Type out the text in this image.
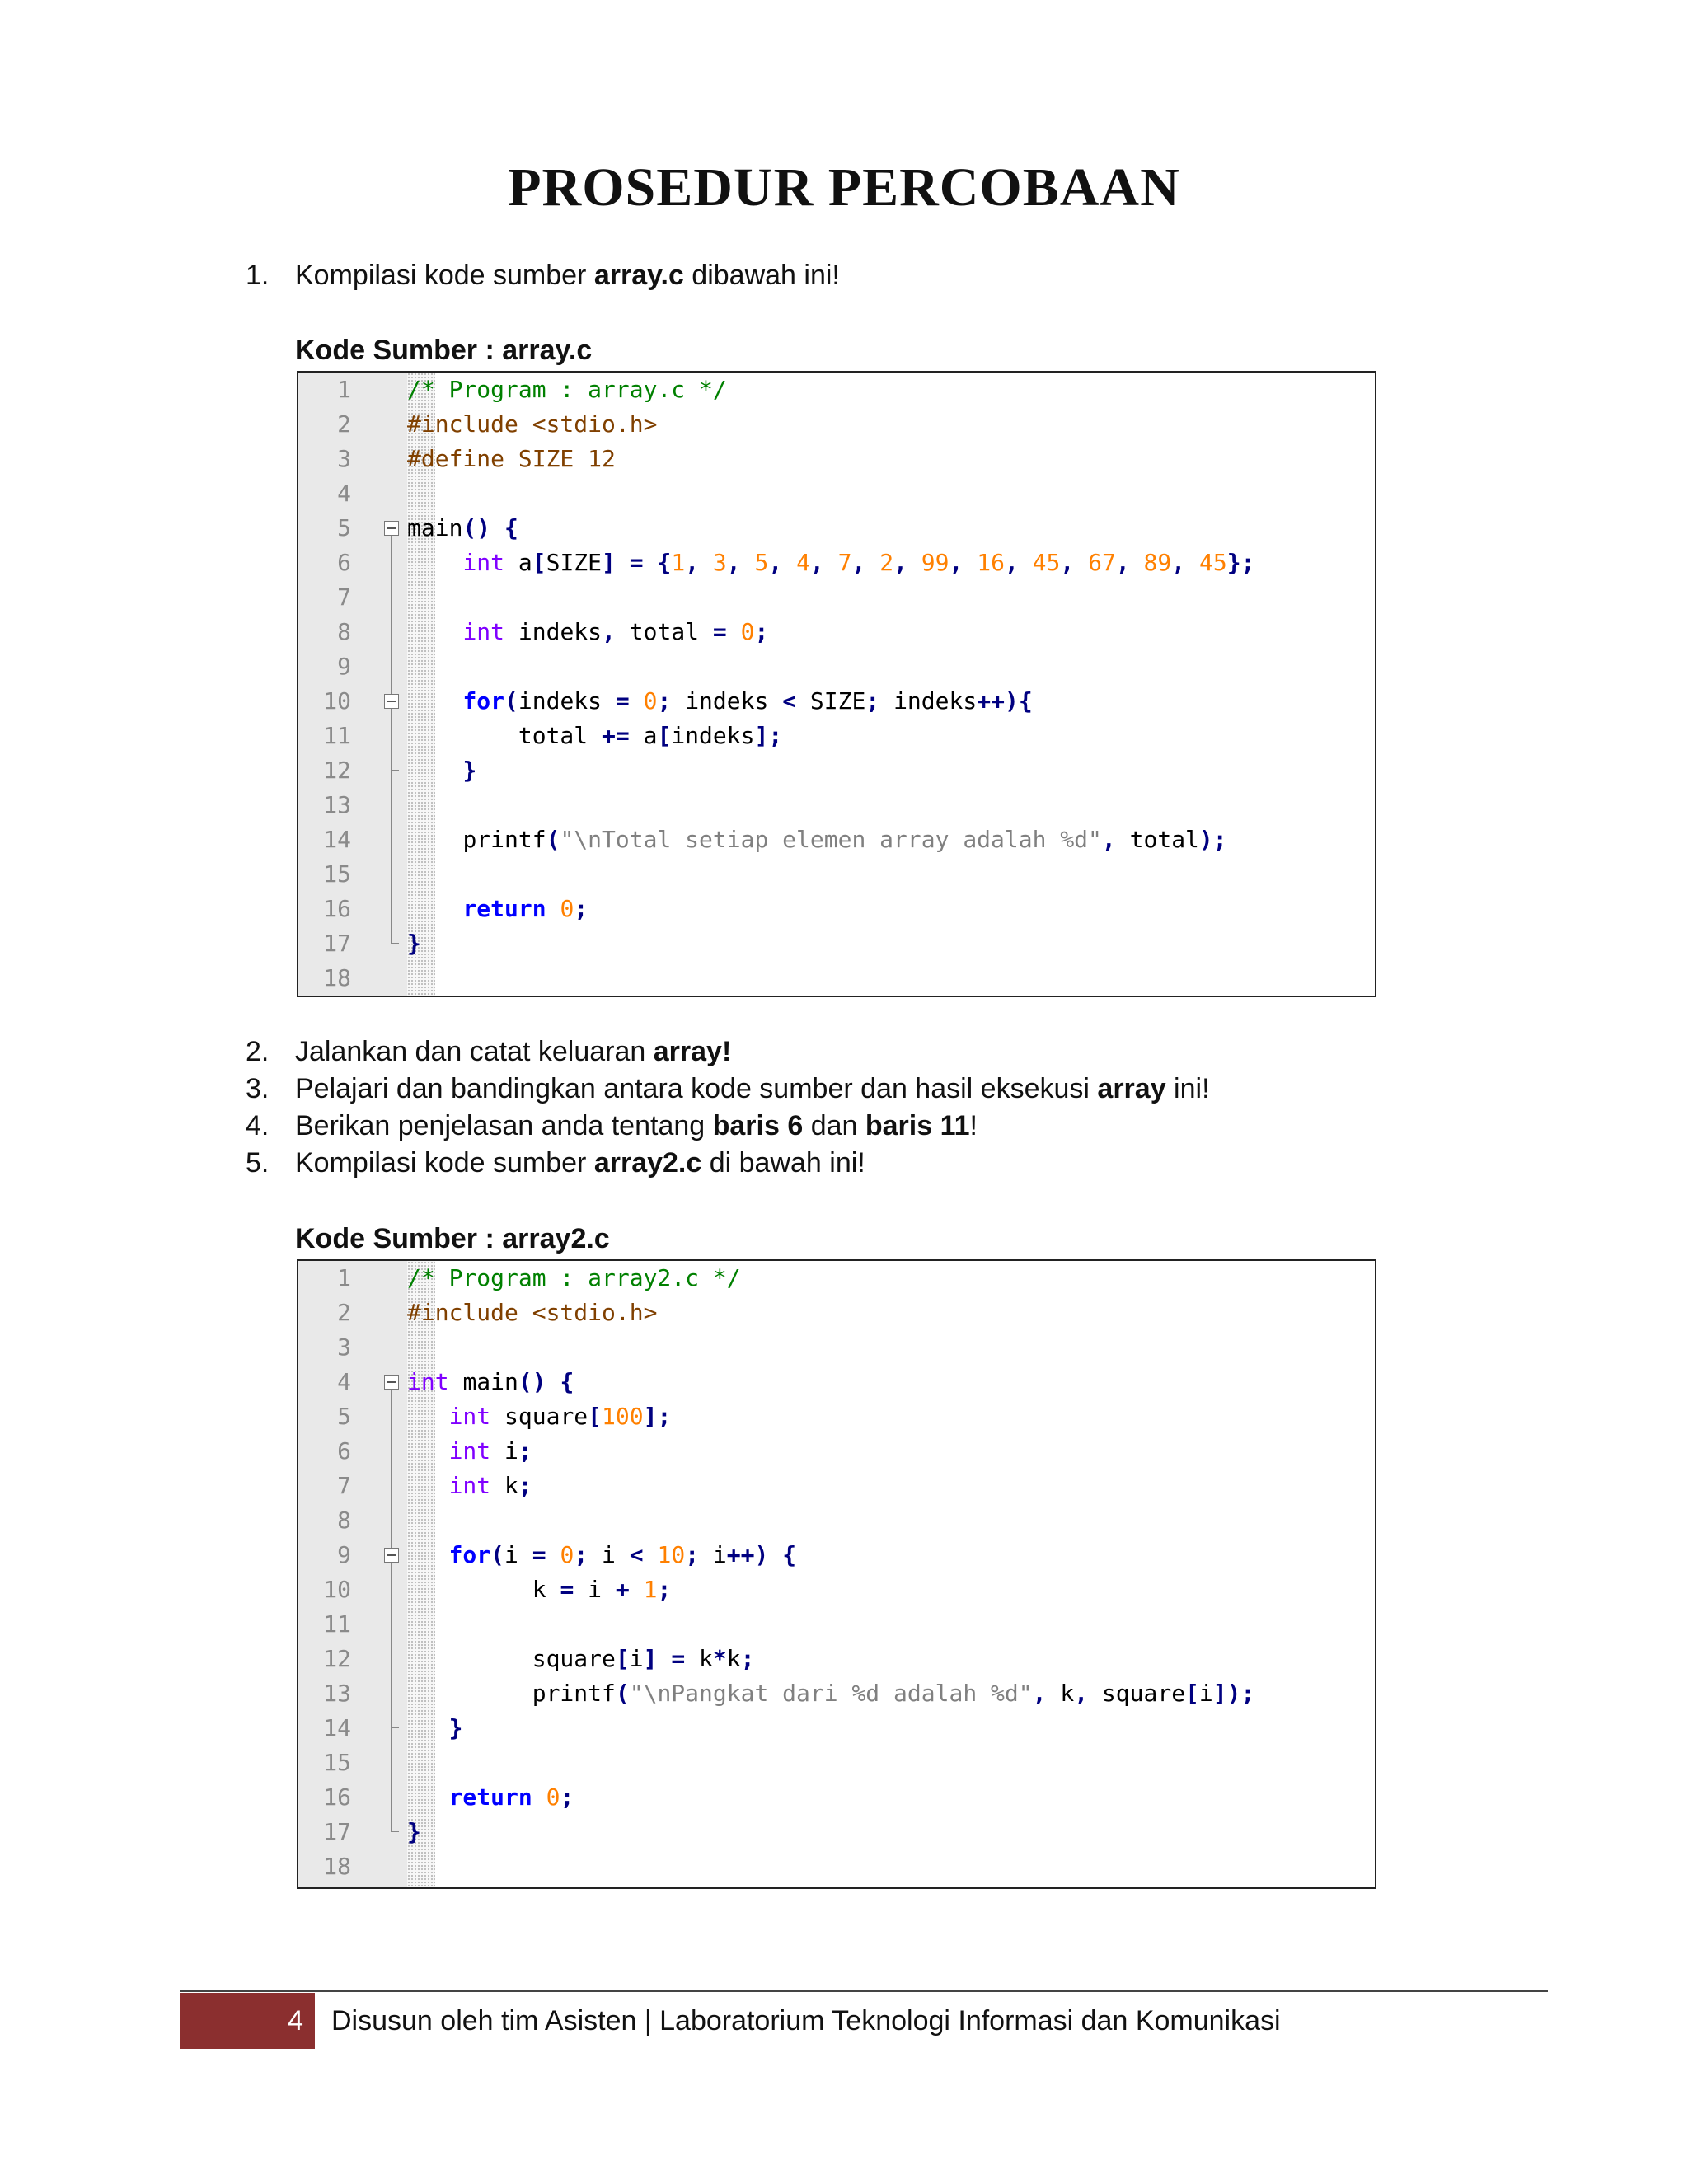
PROSEDUR PERCOBAAN
1. Kompilasi kode sumber array.c dibawah ini!
Kode Sumber : array.c
1 /* Program : array.c */
2 #include <stdio.h>
3 #define SIZE 12
4
5 main() {
6	int a[SIZE] = {1, 3, 5, 4, 7, 2, 99, 16, 45, 67, 89, 45};
7
8	int indeks, total = 0;
9
10	for(indeks = 0; indeks < SIZE; indeks++){
11	total += a[indeks];
12	}
13
14	printf("\nTotal setiap elemen array adalah %d", total);
15
16	return 0;
17 }
18
2. Jalankan dan catat keluaran array!
3. Pelajari dan bandingkan antara kode sumber dan hasil eksekusi array ini!
4. Berikan penjelasan anda tentang baris 6 dan baris 11!
5. Kompilasi kode sumber array2.c di bawah ini!
Kode Sumber : array2.c
1 /* Program : array2.c */
2 #include <stdio.h>
3
4 int main() {
5	int square[100];
6	int i;
7	int k;
8
9	for(i = 0; i < 10; i++) {
10	k = i + 1;
11
12	square[i] = k*k;
13	printf("\nPangkat dari %d adalah %d", k, square[i]);
14	}
15
16	return 0;
17 }
18
4 Disusun oleh tim Asisten | Laboratorium Teknologi Informasi dan Komunikasi
